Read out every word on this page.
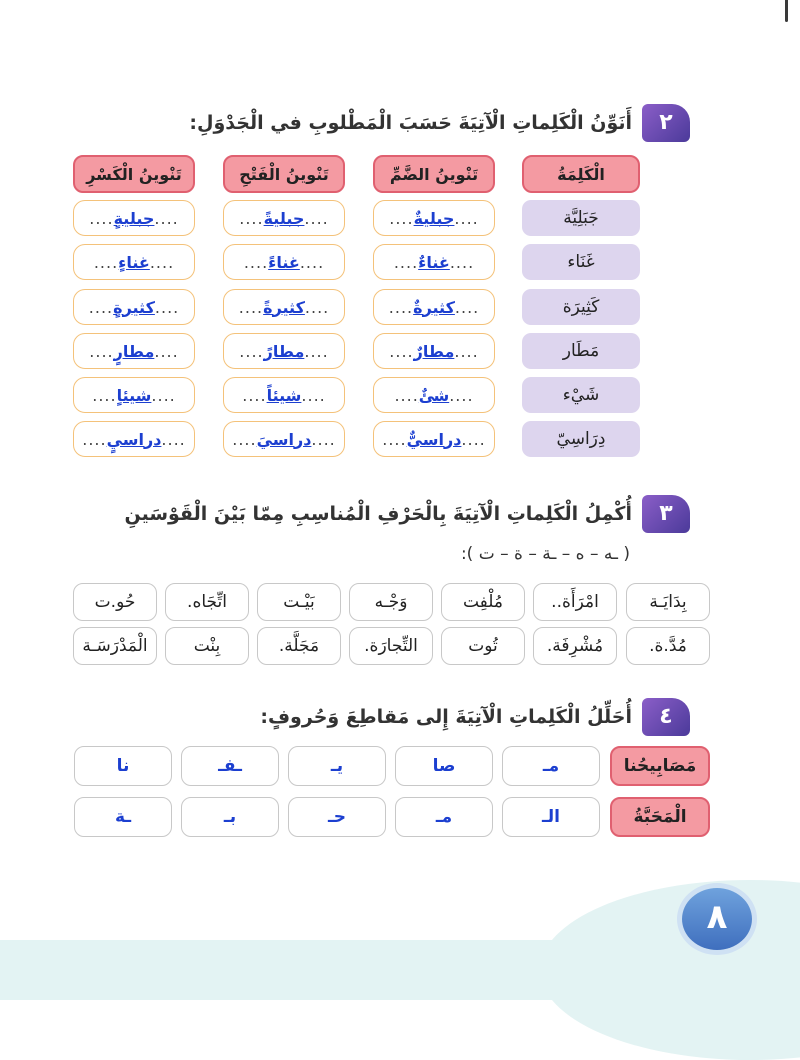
٢
أَنَوِّنُ الْكَلِماتِ الْآتِيَةَ حَسَبَ الْمَطْلوبِ في الْجَدْوَلِ:
الْكَلِمَةُ
تَنْوينُ الضَّمِّ
تَنْوينُ الْفَتْحِ
تَنْوينُ الْكَسْرِ
جَبَلِيَّة
....
جبليةٌ
....
....
جبليةً
....
....
جبليةٍ
....
غَنَاء
....
غناءٌ
....
....
غناءً
....
....
غناءٍ
....
كَثِيرَة
....
كثيرةٌ
....
....
كثيرةً
....
....
كثيرةٍ
....
مَطَار
....
مطارٌ
....
....
مطارً
....
....
مطارٍ
....
شَيْء
....
شئٌ
....
....
شيئاً
....
....
شيئاٍ
....
دِرَاسِيّ
....
دراسيٌّ
....
....
دراسيَ
....
....
دراسيٍ
....
٣
أُكْمِلُ الْكَلِماتِ الْآتِيَةَ بِالْحَرْفِ الْمُناسِبِ مِمّا بَيْنَ الْقَوْسَينِ
( ـه – ه – ـة – ة – ت ):
بِدَايَـة
امْرَأَة..
مُلْفِت
وَجْـه
بَيْـت
اتِّجَاه.
حُو.ت
مُدَّ.ة.
مُشْرِفَة.
تُوت
التِّجارَة.
مَجَلَّة.
بِنْت
الْمَدْرَسَـة
٤
أُحَلِّلُ الْكَلِماتِ الْآتِيَةَ إِلى مَقاطِعَ وَحُروفٍ:
مَصَابِيحُنا
مـ
صا
يـ
ـفـ
نا
الْمَحَبَّةُ
الـ
مـ
حـ
بـ
ـة
٨
